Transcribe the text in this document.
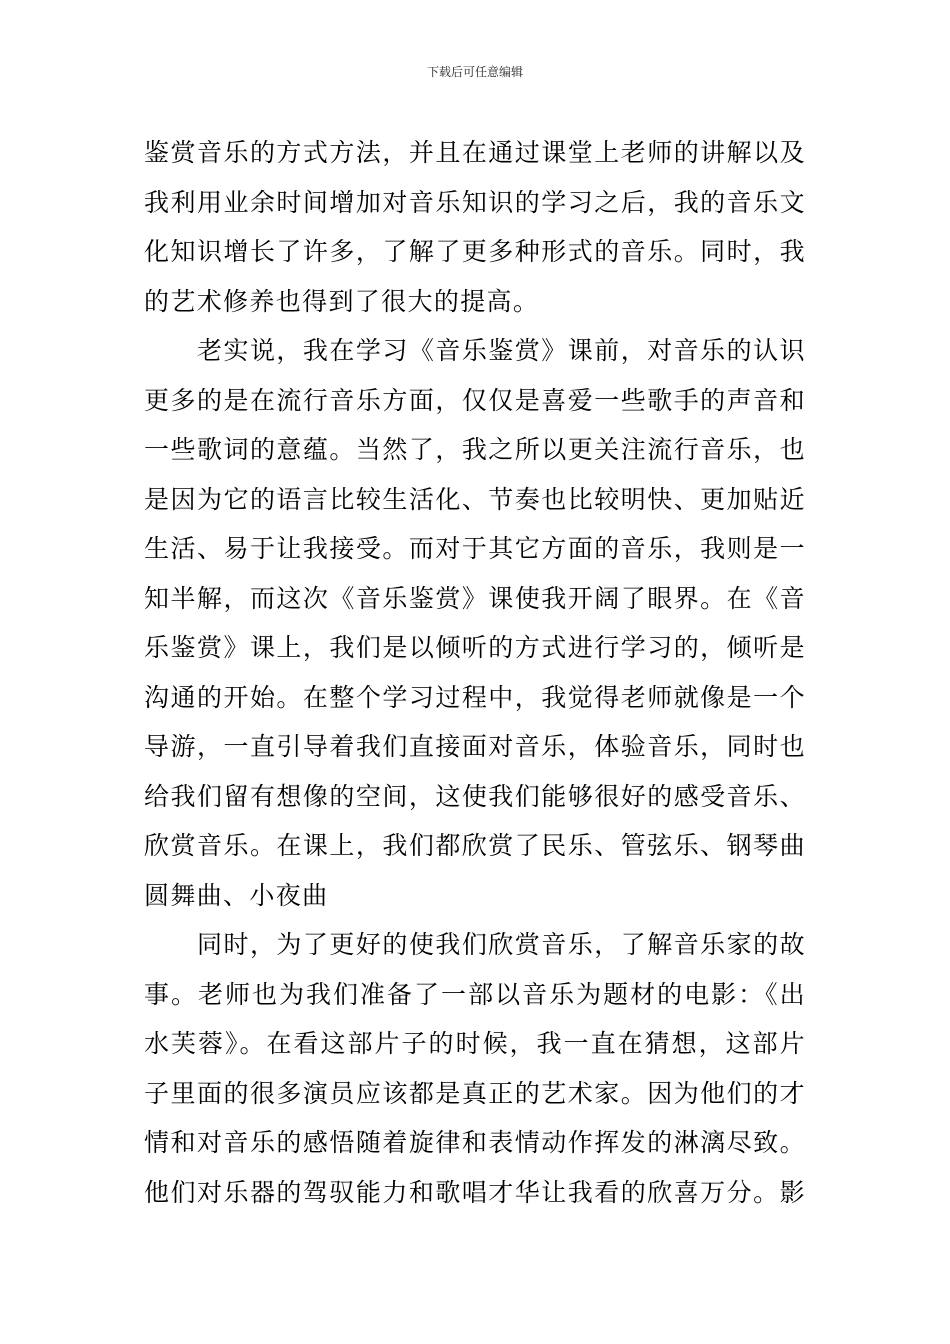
下载后可任意编辑
鉴赏音乐的方式方法，并且在通过课堂上老师的讲解以及
我利用业余时间增加对音乐知识的学习之后，我的音乐文
化知识增长了许多，了解了更多种形式的音乐。同时，我
的艺术修养也得到了很大的提高。
　　老实说，我在学习《音乐鉴赏》课前，对音乐的认识
更多的是在流行音乐方面，仅仅是喜爱一些歌手的声音和
一些歌词的意蕴。当然了，我之所以更关注流行音乐，也
是因为它的语言比较生活化、节奏也比较明快、更加贴近
生活、易于让我接受。而对于其它方面的音乐，我则是一
知半解，而这次《音乐鉴赏》课使我开阔了眼界。在《音
乐鉴赏》课上，我们是以倾听的方式进行学习的，倾听是
沟通的开始。在整个学习过程中，我觉得老师就像是一个
导游，一直引导着我们直接面对音乐，体验音乐，同时也
给我们留有想像的空间，这使我们能够很好的感受音乐、
欣赏音乐。在课上，我们都欣赏了民乐、管弦乐、钢琴曲
圆舞曲、小夜曲
　　同时，为了更好的使我们欣赏音乐，了解音乐家的故
事。老师也为我们准备了一部以音乐为题材的电影：《出
水芙蓉》。在看这部片子的时候，我一直在猜想，这部片
子里面的很多演员应该都是真正的艺术家。因为他们的才
情和对音乐的感悟随着旋律和表情动作挥发的淋漓尽致。
他们对乐器的驾驭能力和歌唱才华让我看的欣喜万分。影
